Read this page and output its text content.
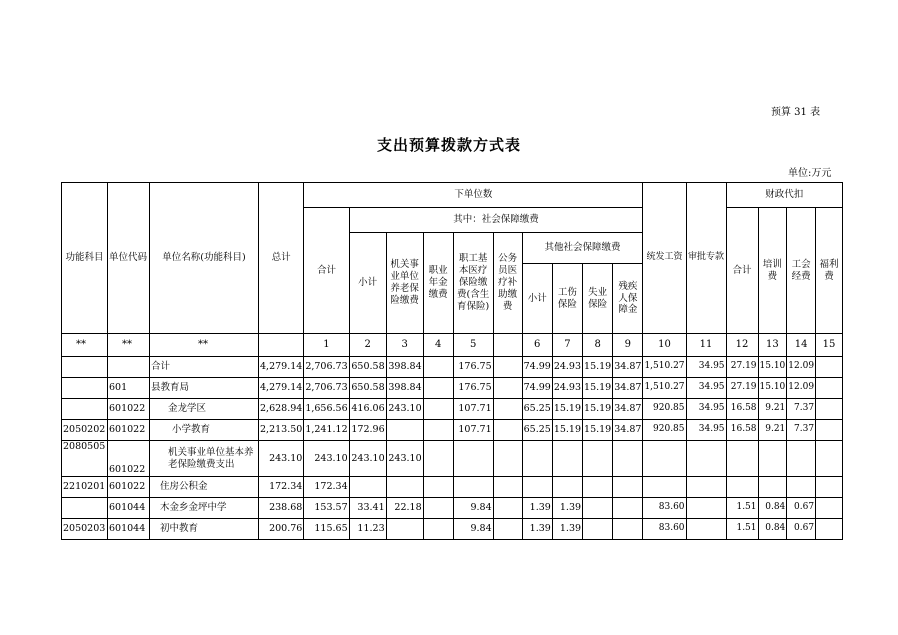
预算 31 表
支出预算拨款方式表
单位:万元
功能科目	单位代码	单位名称(功能科目)	总计	下单位数										统发工资	审批专款	财政代扣			
				合计	其中：社会保障缴费											合计	培训费	工会经费	福利费
					小计	机关事业单位养老保险缴费	职业年金缴费	职工基本医疗保险缴费(含生育保险)	公务员医疗补助缴费	其他社会保障缴费									
										小计	工伤保险	失业保险	残疾人保障金						
**	**	**		1	2	3	4	5		6	7	8	9	10	11	12	13	14	15
		合计	4,279.14	2,706.73	650.58	398.84		176.75		74.99	24.93	15.19	34.87	1,510.27	34.95	27.19	15.10	12.09	
	601	县教育局	4,279.14	2,706.73	650.58	398.84		176.75		74.99	24.93	15.19	34.87	1,510.27	34.95	27.19	15.10	12.09	
	601022	金龙学区	2,628.94	1,656.56	416.06	243.10		107.71		65.25	15.19	15.19	34.87	920.85	34.95	16.58	9.21	7.37	
2050202	601022	小学教育	2,213.50	1,241.12	172.96			107.71		65.25	15.19	15.19	34.87	920.85	34.95	16.58	9.21	7.37	
2080505	601022	机关事业单位基本养老保险缴费支出	243.10	243.10	243.10	243.10													
2210201	601022	住房公积金	172.34	172.34															
	601044	木金乡金坪中学	238.68	153.57	33.41	22.18		9.84		1.39	1.39			83.60		1.51	0.84	0.67	
2050203	601044	初中教育	200.76	115.65	11.23			9.84		1.39	1.39			83.60		1.51	0.84	0.67	
